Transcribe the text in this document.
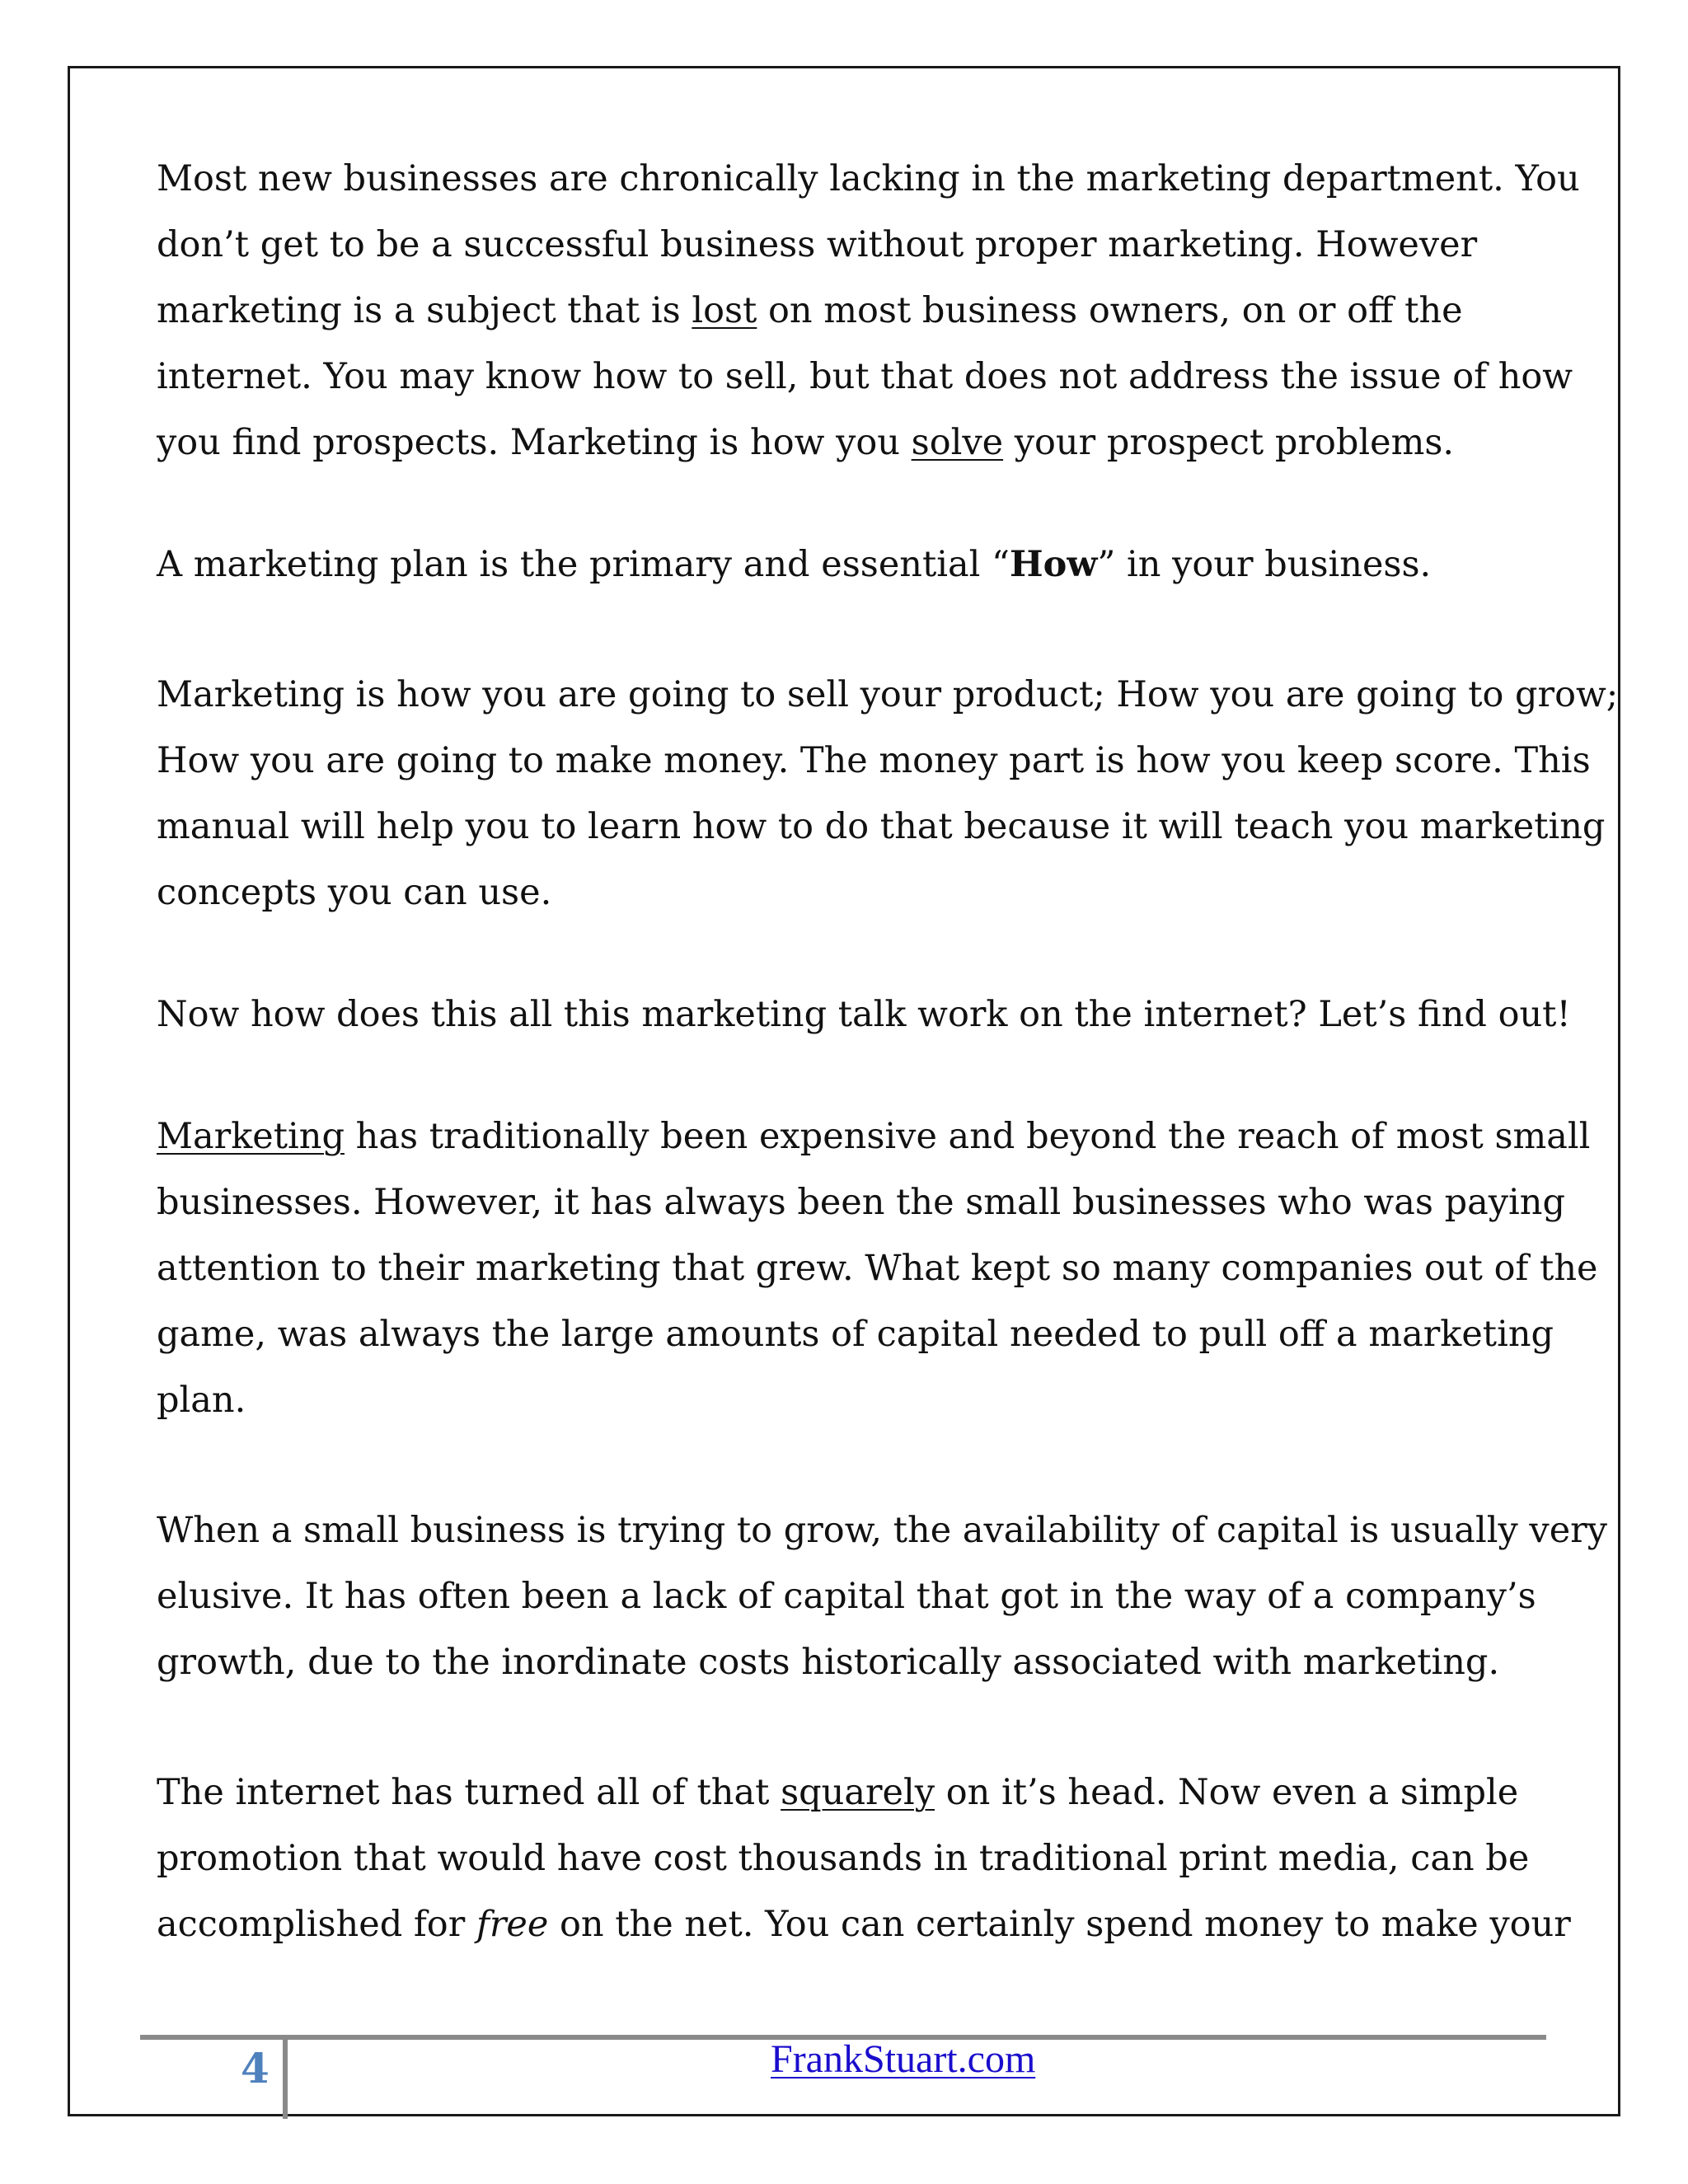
Most new businesses are chronically lacking in the marketing department. You
don’t get to be a successful business without proper marketing. However
marketing is a subject that is lost on most business owners, on or off the
internet. You may know how to sell, but that does not address the issue of how
you find prospects. Marketing is how you solve your prospect problems.

A marketing plan is the primary and essential “How” in your business.

Marketing is how you are going to sell your product; How you are going to grow;
How you are going to make money. The money part is how you keep score. This
manual will help you to learn how to do that because it will teach you marketing
concepts you can use.

Now how does this all this marketing talk work on the internet? Let’s find out!

Marketing has traditionally been expensive and beyond the reach of most small
businesses. However, it has always been the small businesses who was paying
attention to their marketing that grew. What kept so many companies out of the
game, was always the large amounts of capital needed to pull off a marketing
plan.

When a small business is trying to grow, the availability of capital is usually very
elusive. It has often been a lack of capital that got in the way of a company’s
growth, due to the inordinate costs historically associated with marketing.

The internet has turned all of that squarely on it’s head. Now even a simple
promotion that would have cost thousands in traditional print media, can be
accomplished for free on the net. You can certainly spend money to make your

4	FrankStuart.com
